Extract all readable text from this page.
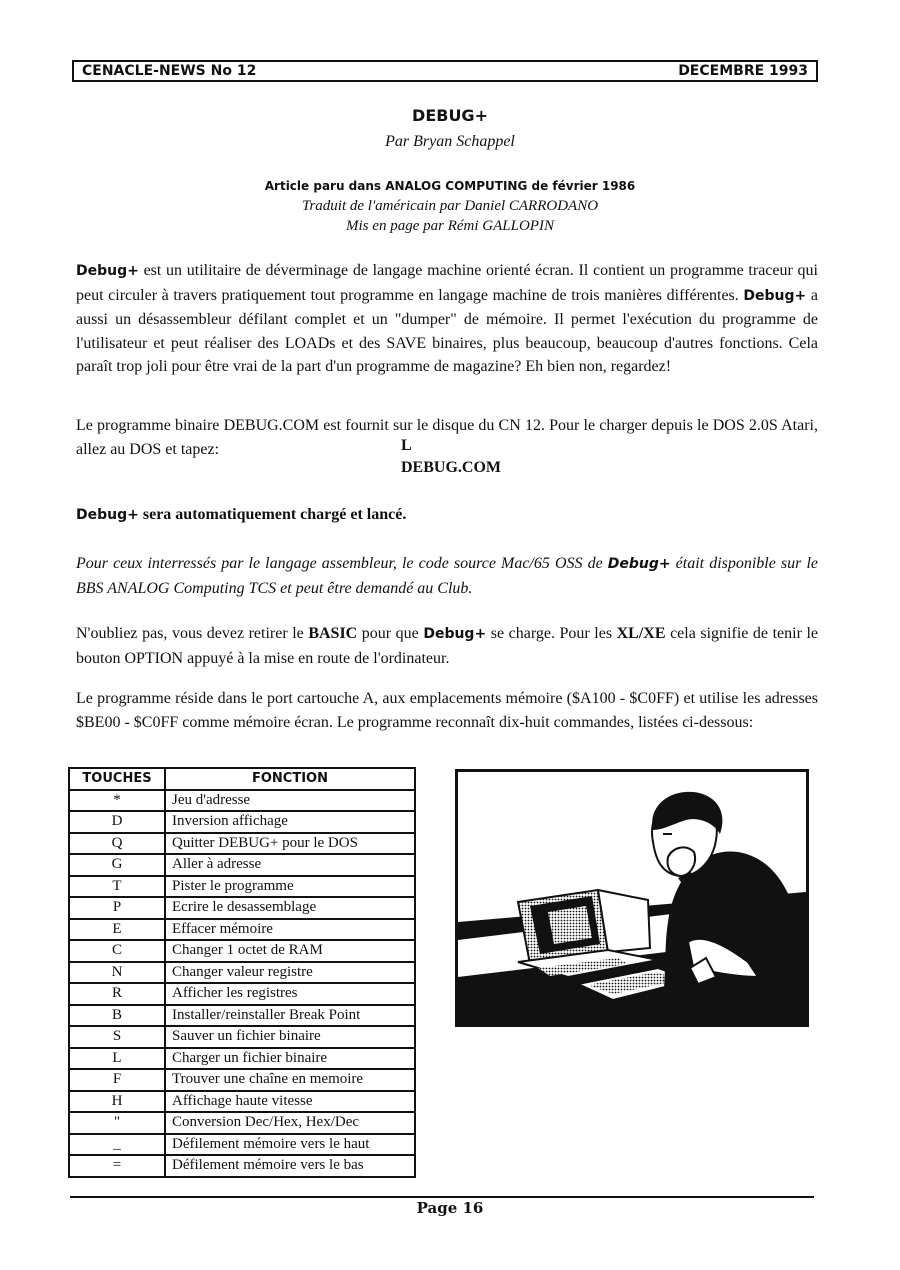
CENACLE-NEWS No 12	DECEMBRE 1993
DEBUG+
Par Bryan Schappel
Article paru dans ANALOG COMPUTING de février 1986
Traduit de l'américain par Daniel CARRODANO
Mis en page par Rémi GALLOPIN
Debug+ est un utilitaire de déverminage de langage machine orienté écran. Il contient un programme traceur qui peut circuler à travers pratiquement tout programme en langage machine de trois manières différentes. Debug+ a aussi un désassembleur défilant complet et un "dumper" de mémoire. Il permet l'exécution du programme de l'utilisateur et peut réaliser des LOADs et des SAVE binaires, plus beaucoup, beaucoup d'autres fonctions. Cela paraît trop joli pour être vrai de la part d'un programme de magazine? Eh bien non, regardez!
Le programme binaire DEBUG.COM est fournit sur le disque du CN 12. Pour le charger depuis le DOS 2.0S Atari, allez au DOS et tapez:	L
DEBUG.COM
Debug+ sera automatiquement chargé et lancé.
Pour ceux interressés par le langage assembleur, le code source Mac/65 OSS de Debug+ était disponible sur le BBS ANALOG Computing TCS et peut être demandé au Club.
N'oubliez pas, vous devez retirer le BASIC pour que Debug+ se charge. Pour les XL/XE cela signifie de tenir le bouton OPTION appuyé à la mise en route de l'ordinateur.
Le programme réside dans le port cartouche A, aux emplacements mémoire ($A100 - $C0FF) et utilise les adresses $BE00 - $C0FF comme mémoire écran. Le programme reconnaît dix-huit commandes, listées ci-dessous:
TOUCHES	FONCTION
*	Jeu d'adresse
D	Inversion affichage
Q	Quitter DEBUG+ pour le DOS
G	Aller à adresse
T	Pister le programme
P	Ecrire le desassemblage
E	Effacer mémoire
C	Changer 1 octet de RAM
N	Changer valeur registre
R	Afficher les registres
B	Installer/reinstaller Break Point
S	Sauver un fichier binaire
L	Charger un fichier binaire
F	Trouver une chaîne en memoire
H	Affichage haute vitesse
"	Conversion Dec/Hex, Hex/Dec
_	Défilement mémoire vers le haut
=	Défilement mémoire vers le bas
Page 16
